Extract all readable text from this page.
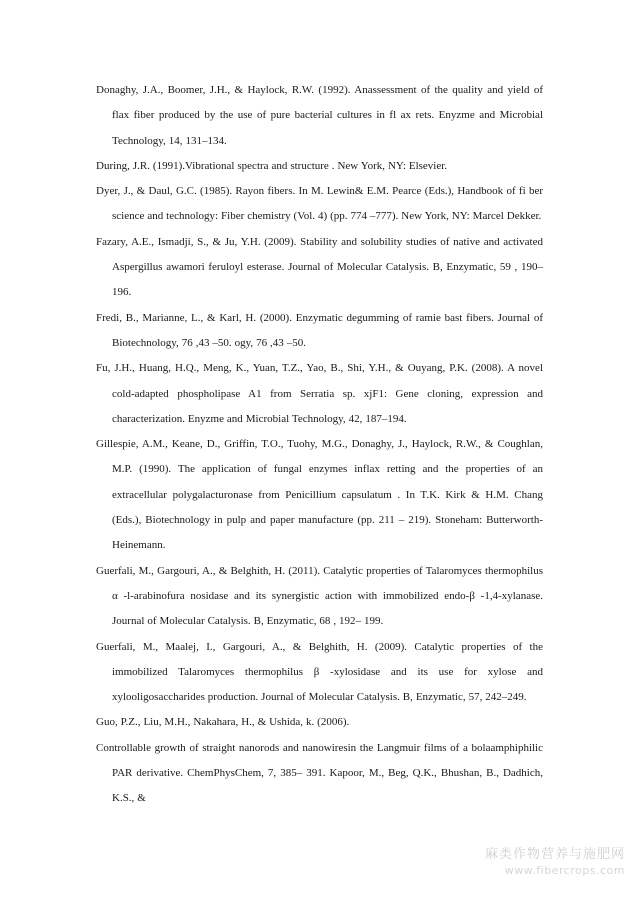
Donaghy, J.A., Boomer, J.H., & Haylock, R.W. (1992). Anassessment of the quality and yield of flax fiber produced by the use of pure bacterial cultures in fl ax rets. Enyzme and Microbial Technology, 14, 131–134.

During, J.R. (1991).Vibrational spectra and structure . New York, NY: Elsevier.

Dyer, J., & Daul, G.C. (1985). Rayon fibers. In M. Lewin& E.M. Pearce (Eds.), Handbook of fi ber science and technology: Fiber chemistry (Vol. 4) (pp. 774 –777). New York, NY: Marcel Dekker.

Fazary, A.E., Ismadji, S., & Ju, Y.H. (2009). Stability and solubility studies of native and activated Aspergillus awamori feruloyl esterase. Journal of Molecular Catalysis. B, Enzymatic, 59 , 190– 196.

Fredi, B., Marianne, L., & Karl, H. (2000). Enzymatic degumming of ramie bast fibers. Journal of Biotechnology, 76 ,43 –50. ogy, 76 ,43 –50.

Fu, J.H., Huang, H.Q., Meng, K., Yuan, T.Z., Yao, B., Shi, Y.H., & Ouyang, P.K. (2008). A novel cold-adapted phospholipase A1 from Serratia sp. xjF1: Gene cloning, expression and characterization. Enyzme and Microbial Technology, 42, 187–194.

Gillespie, A.M., Keane, D., Griffin, T.O., Tuohy, M.G., Donaghy, J., Haylock, R.W., & Coughlan, M.P. (1990). The application of fungal enzymes inflax retting and the properties of an extracellular polygalacturonase from Penicillium capsulatum . In T.K. Kirk & H.M. Chang (Eds.), Biotechnology in pulp and paper manufacture (pp. 211 – 219). Stoneham: Butterworth-Heinemann.

Guerfali, M., Gargouri, A., & Belghith, H. (2011). Catalytic properties of Talaromyces thermophilus α -l-arabinofura nosidase and its synergistic action with immobilized endo-β -1,4-xylanase. Journal of Molecular Catalysis. B, Enzymatic, 68 , 192– 199.

Guerfali, M., Maalej, I., Gargouri, A., & Belghith, H. (2009). Catalytic properties of the immobilized Talaromyces thermophilus β -xylosidase and its use for xylose and xylooligosaccharides production. Journal of Molecular Catalysis. B, Enzymatic, 57, 242–249.

Guo, P.Z., Liu, M.H., Nakahara, H., & Ushida, k. (2006).

Controllable growth of straight nanorods and nanowiresin the Langmuir films of a bolaamphiphilic PAR derivative. ChemPhysChem, 7, 385– 391. Kapoor, M., Beg, Q.K., Bhushan, B., Dadhich, K.S., &

麻类作物营养与施肥网
www.fibercrops.com
